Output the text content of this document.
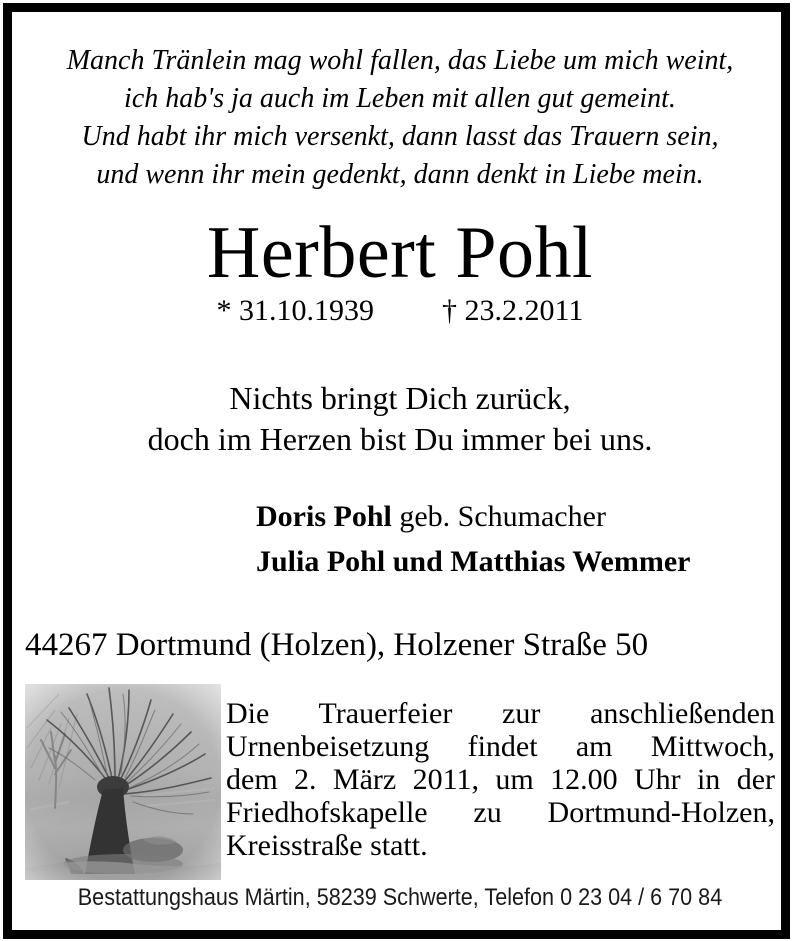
Manch Tränlein mag wohl fallen, das Liebe um mich weint,
ich hab's ja auch im Leben mit allen gut gemeint.
Und habt ihr mich versenkt, dann lasst das Trauern sein,
und wenn ihr mein gedenkt, dann denkt in Liebe mein.
Herbert Pohl
* 31.10.1939 † 23.2.2011
Nichts bringt Dich zurück,
doch im Herzen bist Du immer bei uns.
Doris Pohl geb. Schumacher
Julia Pohl und Matthias Wemmer
44267 Dortmund (Holzen), Holzener Straße 50
Die Trauerfeier zur anschließenden
Urnenbeisetzung findet am Mittwoch,
dem 2. März 2011, um 12.00 Uhr in der
Friedhofskapelle zu Dortmund-Holzen,
Kreisstraße statt.
Bestattungshaus Märtin, 58239 Schwerte, Telefon 0 23 04 / 6 70 84
